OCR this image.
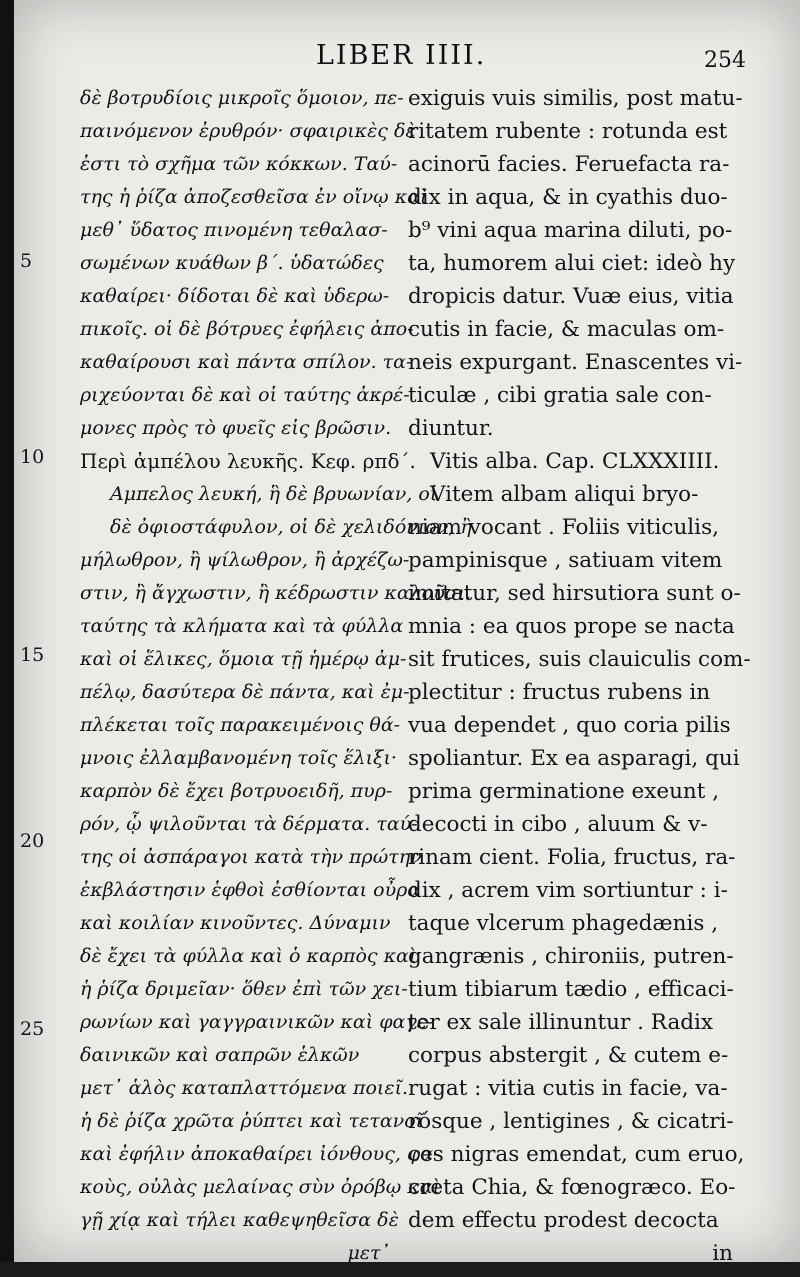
LIBER IIII.	254
5
10
15
20
25
δὲ βοτρυδίοις μικροῖς ὅμοιον, πε-
παινόμενον ἐρυθρόν· σφαιρικὲς δὲ
ἐστι τὸ σχῆμα τῶν κόκκων. Ταύ-
της ἡ ῥίζα ἀποζεσθεῖσα ἐν οἴνῳ καὶ
μεθ᾽ ὕδατος πινομένη τεθαλασ-
σωμένων κυάθων β΄. ὑδατώδες
καθαίρει· δίδοται δὲ καὶ ὑδερω-
πικοῖς. οἱ δὲ βότρυες ἐφήλεις ἀπο-
καθαίρουσι καὶ πάντα σπίλον. τα-
ριχεύονται δὲ καὶ οἱ ταύτης ἀκρέ-
μονες πρὸς τὸ φυεῖς εἰς βρῶσιν.
Περὶ ἀμπέλου λευκῆς. Κεφ. ρπδ΄.
Αμπελος λευκή, ἣ δὲ βρυωνίαν, οἱ
δὲ ὀφιοστάφυλον, οἱ δὲ χελιδόνιον, ἢ
μήλωθρον, ἢ ψίλωθρον, ἢ ἀρχέζω-
στιν, ἢ ἄγχωστιν, ἢ κέδρωστιν καλοῦσι.
ταύτης τὰ κλήματα καὶ τὰ φύλλα
καὶ οἱ ἕλικες, ὅμοια τῇ ἡμέρῳ ἀμ-
πέλῳ, δασύτερα δὲ πάντα, καὶ ἐμ-
πλέκεται τοῖς παρακειμένοις θά-
μνοις ἐλλαμβανομένη τοῖς ἕλιξι·
καρπὸν δὲ ἔχει βοτρυοειδῆ, πυρ-
ρόν, ᾧ ψιλοῦνται τὰ δέρματα. ταύ-
της οἱ ἀσπάραγοι κατὰ τὴν πρώτην
ἐκβλάστησιν ἑφθοὶ ἐσθίονται οὖρα
καὶ κοιλίαν κινοῦντες. Δύναμιν
δὲ ἔχει τὰ φύλλα καὶ ὁ καρπὸς καὶ
ἡ ῥίζα δριμεῖαν· ὅθεν ἐπὶ τῶν χει-
ρωνίων καὶ γαγγραινικῶν καὶ φαγε-
δαινικῶν καὶ σαπρῶν ἑλκῶν
μετ᾽ ἁλὸς καταπλαττόμενα ποιεῖ.
ἡ δὲ ῥίζα χρῶτα ῥύπτει καὶ τετανοῖ
καὶ ἐφήλιν ἀποκαθαίρει ἰόνθους, φα-
κοὺς, οὐλὰς μελαίνας σὺν ὀρόβῳ καὶ
γῇ χίᾳ καὶ τήλει καθεψηθεῖσα δὲ
μετ᾽
exiguis vuis similis, post matu-
ritatem rubente : rotunda est
acinorū facies. Feruefacta ra-
dix in aqua, & in cyathis duo-
b⁹ vini aqua marina diluti, po-
ta, humorem alui ciet: ideò hy
dropicis datur. Vuæ eius, vitia
cutis in facie, & maculas om-
neis expurgant. Enascentes vi-
ticulæ , cibi gratia sale con-
diuntur.
Vitis alba. Cap. CLXXXIIII.
Vitem albam aliqui bryo-
niam vocant . Foliis viticulis,
pampinisque , satiuam vitem
imitatur, sed hirsutiora sunt o-
mnia : ea quos prope se nacta
sit frutices, suis clauiculis com-
plectitur : fructus rubens in
vua dependet , quo coria pilis
spoliantur. Ex ea asparagi, qui
prima germinatione exeunt ,
decocti in cibo , aluum & v-
rinam cient. Folia, fructus, ra-
dix , acrem vim sortiuntur : i-
taque vlcerum phagedænis ,
gangrænis , chironiis, putren-
tium tibiarum tædio , efficaci-
ter ex sale illinuntur . Radix
corpus abstergit , & cutem e-
rugat : vitia cutis in facie, va-
rósque , lentigines , & cicatri-
ces nigras emendat, cum eruo,
creta Chia, & fœnogræco. Eo-
dem effectu prodest decocta
in
